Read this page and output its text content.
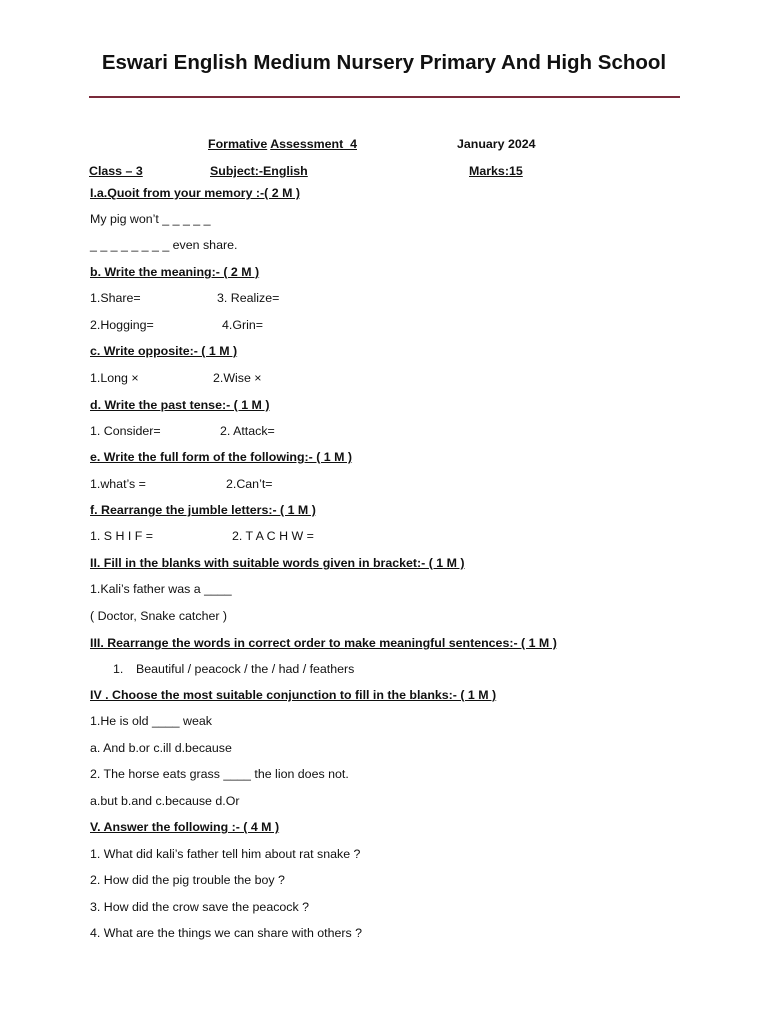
Eswari English Medium Nursery Primary And High School
Formative Assessment  4	January 2024
Class – 3	Subject:-English	Marks:15
I.a.Quoit from your memory :-( 2 M )
My pig won’t _ _ _ _ _
_ _ _ _ _ _ _ _ even share.
b. Write the meaning:- ( 2 M )
1.Share=	3. Realize=
2.Hogging=	4.Grin=
c. Write opposite:- ( 1 M )
1.Long ×	2.Wise ×
d. Write the past tense:- ( 1 M )
1. Consider=	2. Attack=
e. Write the full form of the following:- ( 1 M )
1.what’s =	2.Can’t=
f. Rearrange the jumble letters:- ( 1 M )
1. S H I F =	2. T A C H W =
II. Fill in the blanks with suitable words given in bracket:- ( 1 M )
1.Kali’s father was a ____
( Doctor, Snake catcher )
III. Rearrange the words in correct order to make meaningful sentences:- ( 1 M )
1. Beautiful / peacock / the / had / feathers
IV . Choose the most suitable conjunction to fill in the blanks:- ( 1 M )
1.He is old ____ weak
a. And b.or c.ill d.because
2. The horse eats grass ____ the lion does not.
a.but b.and c.because d.Or
V. Answer the following :- ( 4 M )
1. What did kali’s father tell him about rat snake ?
2. How did the pig trouble the boy ?
3. How did the crow save the peacock ?
4. What are the things we can share with others ?
